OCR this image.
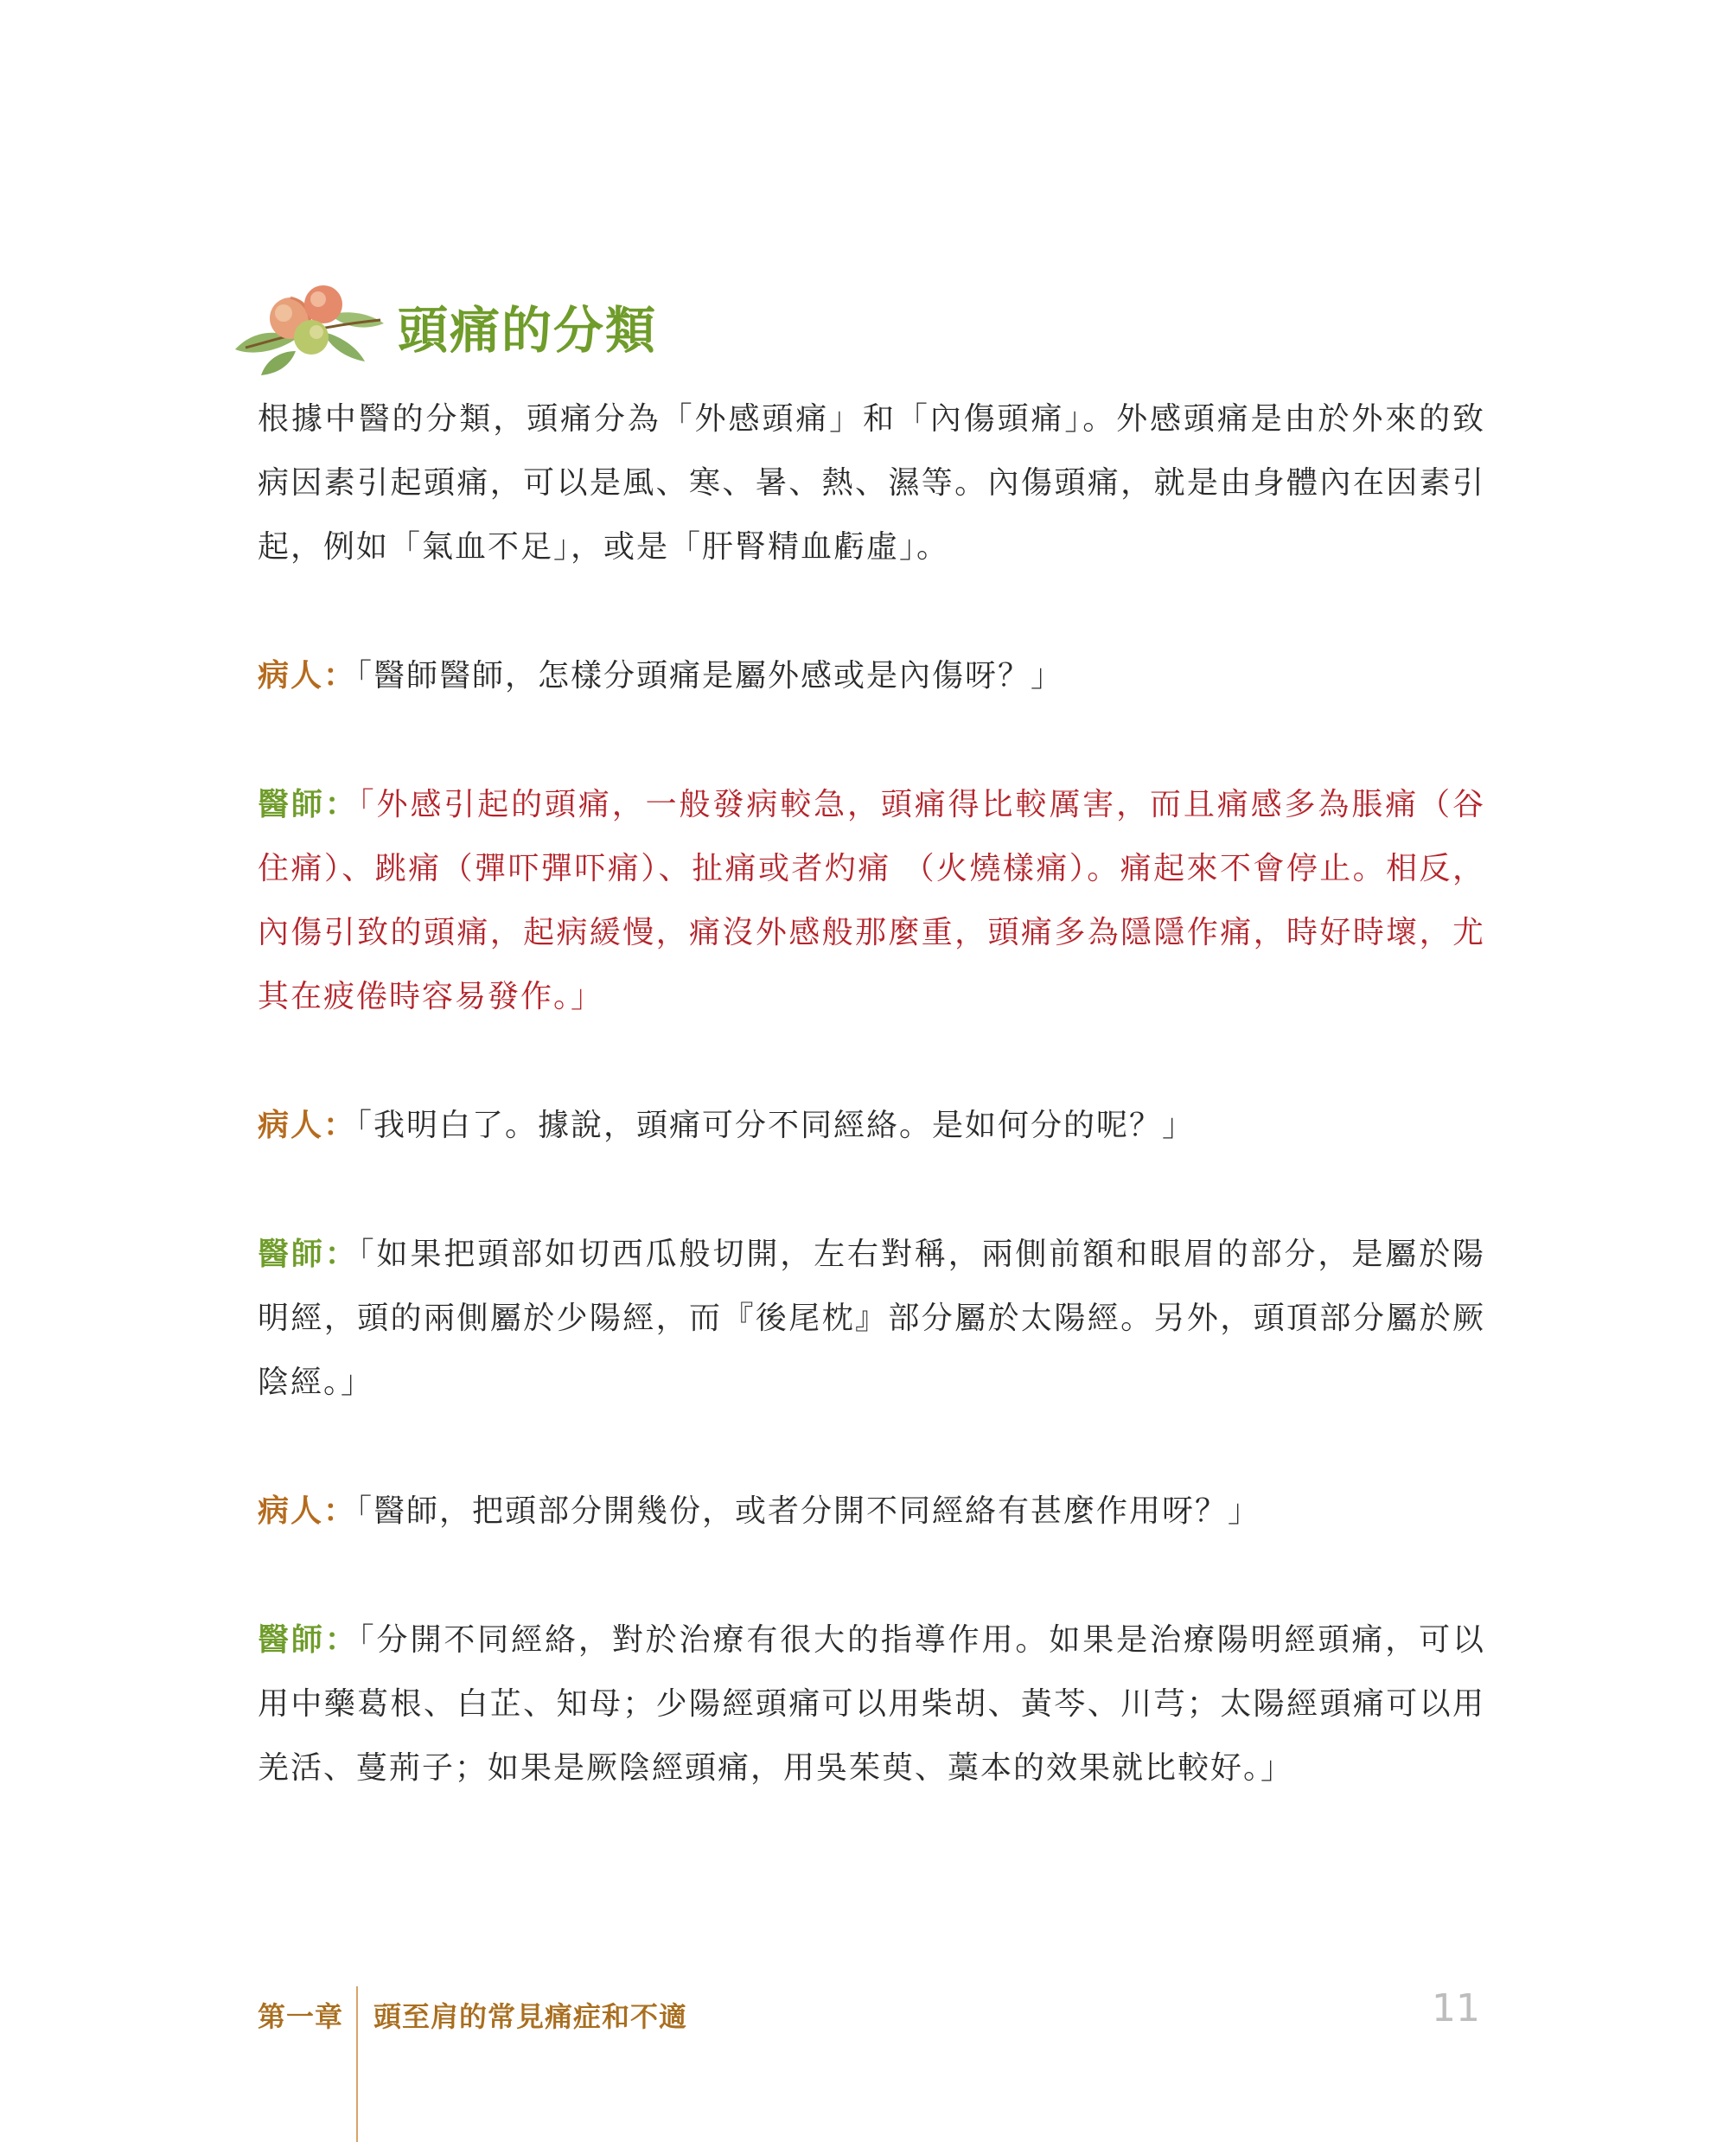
頭痛的分類

根據中醫的分類，頭痛分為「外感頭痛」和「內傷頭痛」。外感頭痛是由於外來的致病因素引起頭痛，可以是風、寒、暑、熱、濕等。內傷頭痛，就是由身體內在因素引起，例如「氣血不足」，或是「肝腎精血虧虛」。

病人：「醫師醫師，怎樣分頭痛是屬外感或是內傷呀？」

醫師：「外感引起的頭痛，一般發病較急，頭痛得比較厲害，而且痛感多為脹痛（谷住痛）、跳痛（彈吓彈吓痛）、扯痛或者灼痛 （火燒樣痛）。痛起來不會停止。相反，內傷引致的頭痛，起病緩慢，痛沒外感般那麼重，頭痛多為隱隱作痛，時好時壞，尤其在疲倦時容易發作。」

病人：「我明白了。據說，頭痛可分不同經絡。是如何分的呢？」

醫師：「如果把頭部如切西瓜般切開，左右對稱，兩側前額和眼眉的部分，是屬於陽明經，頭的兩側屬於少陽經，而『後尾枕』部分屬於太陽經。另外，頭頂部分屬於厥陰經。」

病人：「醫師，把頭部分開幾份，或者分開不同經絡有甚麼作用呀？」

醫師：「分開不同經絡，對於治療有很大的指導作用。如果是治療陽明經頭痛，可以用中藥葛根、白芷、知母；少陽經頭痛可以用柴胡、黃芩、川芎；太陽經頭痛可以用羌活、蔓荊子；如果是厥陰經頭痛，用吳茱萸、藁本的效果就比較好。」

第一章 頭至肩的常見痛症和不適	11
